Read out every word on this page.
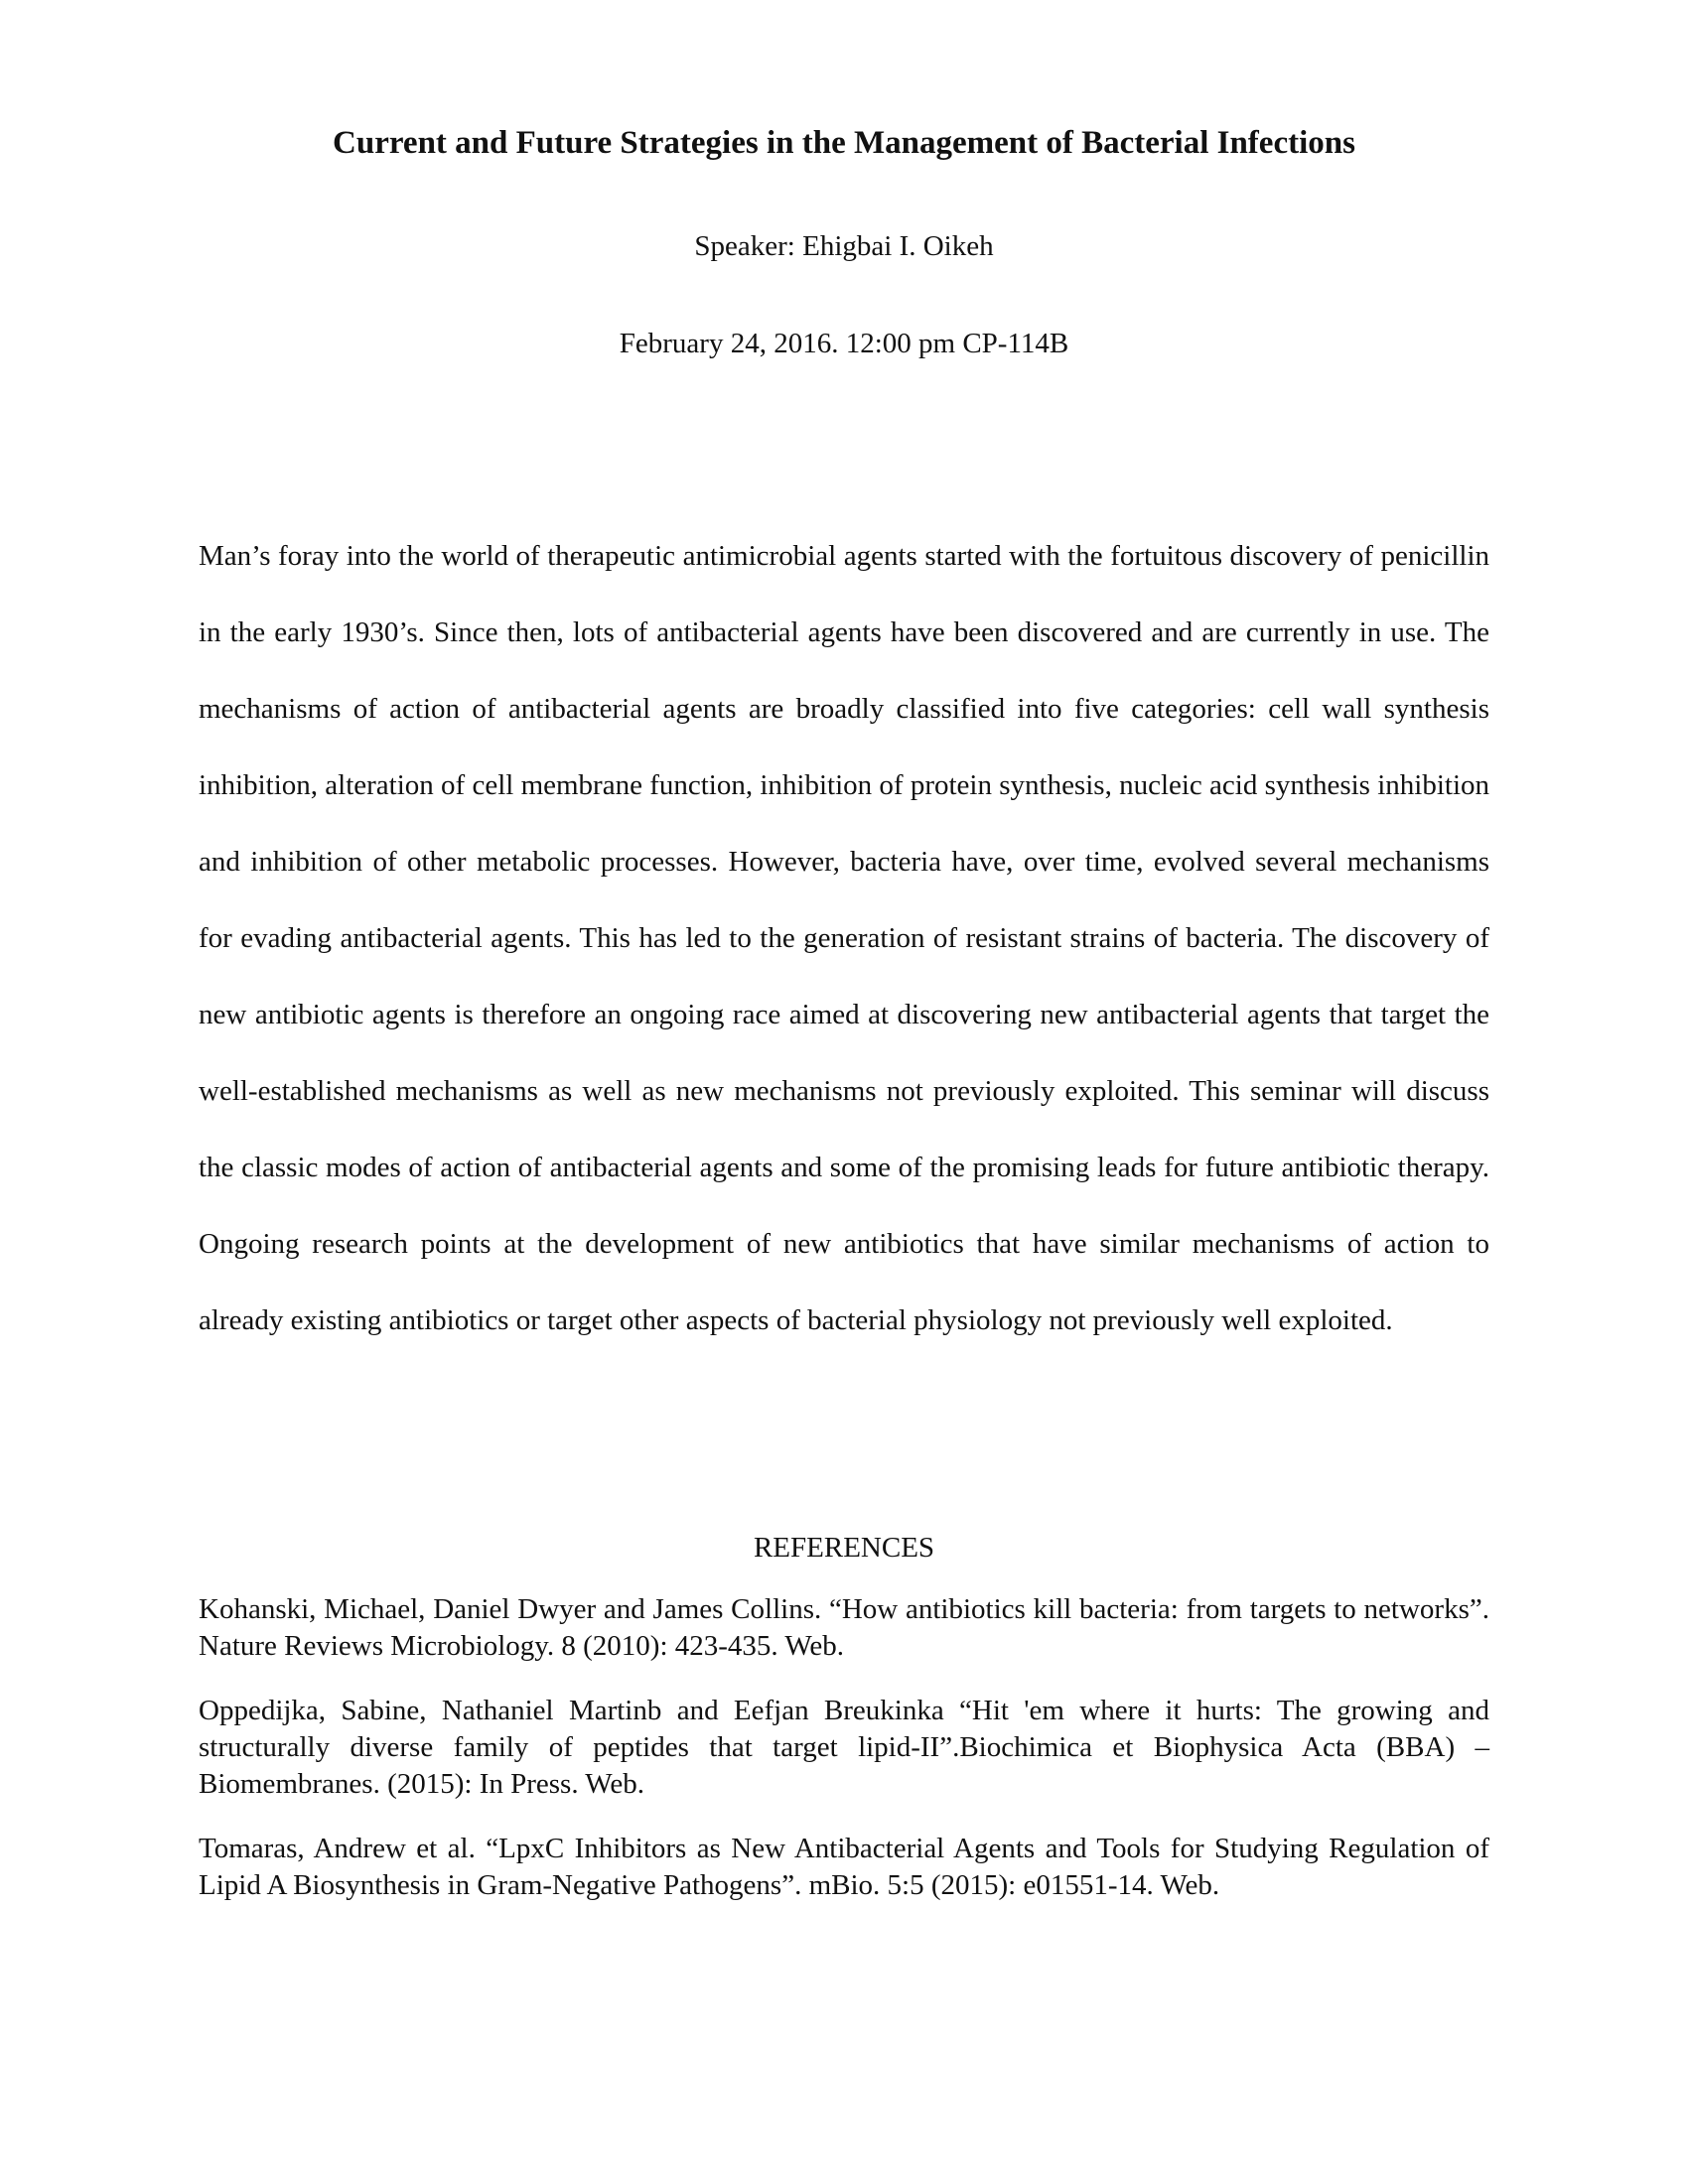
Current and Future Strategies in the Management of Bacterial Infections
Speaker: Ehigbai I. Oikeh
February 24, 2016. 12:00 pm CP-114B

Man’s foray into the world of therapeutic antimicrobial agents started with the fortuitous discovery of penicillin in the early 1930’s. Since then, lots of antibacterial agents have been discovered and are currently in use. The mechanisms of action of antibacterial agents are broadly classified into five categories: cell wall synthesis inhibition, alteration of cell membrane function, inhibition of protein synthesis, nucleic acid synthesis inhibition and inhibition of other metabolic processes. However, bacteria have, over time, evolved several mechanisms for evading antibacterial agents. This has led to the generation of resistant strains of bacteria. The discovery of new antibiotic agents is therefore an ongoing race aimed at discovering new antibacterial agents that target the well-established mechanisms as well as new mechanisms not previously exploited. This seminar will discuss the classic modes of action of antibacterial agents and some of the promising leads for future antibiotic therapy. Ongoing research points at the development of new antibiotics that have similar mechanisms of action to already existing antibiotics or target other aspects of bacterial physiology not previously well exploited.

REFERENCES
Kohanski, Michael, Daniel Dwyer and James Collins. “How antibiotics kill bacteria: from targets to networks”. Nature Reviews Microbiology. 8 (2010): 423-435. Web.
Oppedijka, Sabine, Nathaniel Martinb and Eefjan Breukinka “Hit 'em where it hurts: The growing and structurally diverse family of peptides that target lipid-II”.Biochimica et Biophysica Acta (BBA) – Biomembranes. (2015): In Press. Web.
Tomaras, Andrew et al. “LpxC Inhibitors as New Antibacterial Agents and Tools for Studying Regulation of Lipid A Biosynthesis in Gram-Negative Pathogens”. mBio. 5:5 (2015): e01551-14. Web.
